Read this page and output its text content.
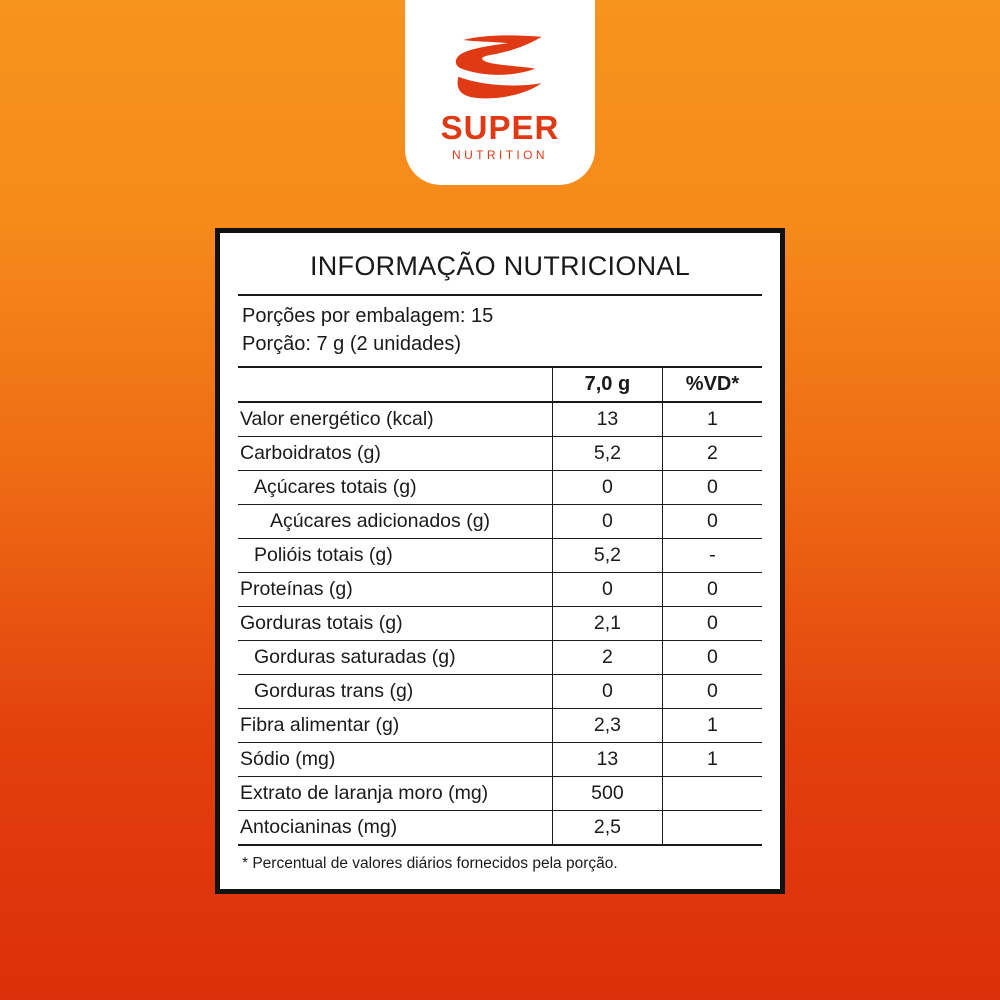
SUPER
NUTRITION
INFORMAÇÃO NUTRICIONAL
Porções por embalagem: 15
Porção: 7 g (2 unidades)
	7,0 g	%VD*
Valor energético (kcal)	13	1
Carboidratos (g)	5,2	2
Açúcares totais (g)	0	0
Açúcares adicionados (g)	0	0
Polióis totais (g)	5,2	-
Proteínas (g)	0	0
Gorduras totais (g)	2,1	0
Gorduras saturadas (g)	2	0
Gorduras trans (g)	0	0
Fibra alimentar (g)	2,3	1
Sódio (mg)	13	1
Extrato de laranja moro (mg)	500	
Antocianinas (mg)	2,5	
* Percentual de valores diários fornecidos pela porção.
